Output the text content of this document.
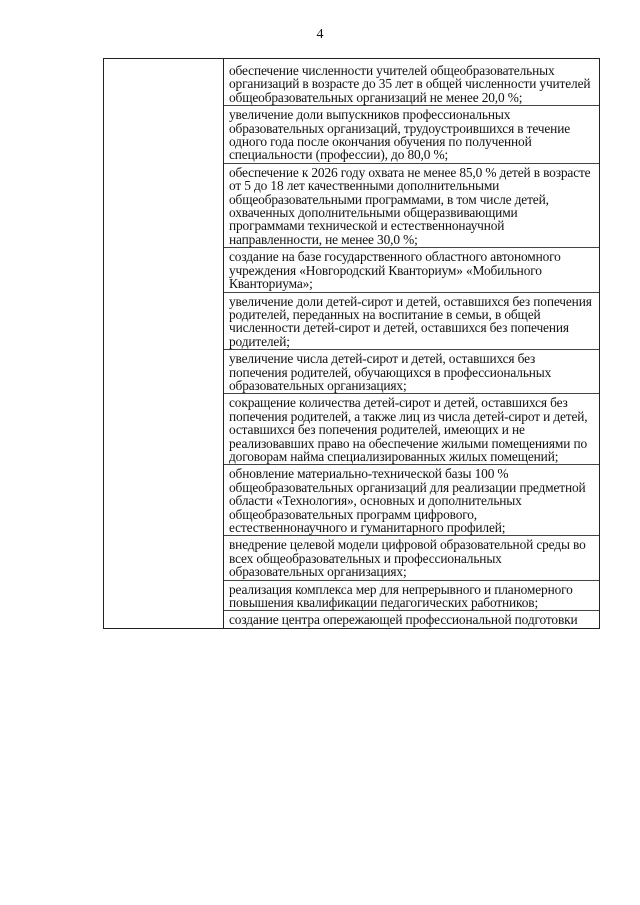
4
обеспечение численности учителей общеобразовательных организаций в возрасте до 35 лет в общей численности учителей общеобразовательных организаций не менее 20,0 %;
увеличение доли выпускников профессиональных образовательных организаций, трудоустроившихся в течение одного года после окончания обучения по полученной специальности (профессии), до 80,0 %;
обеспечение к 2026 году охвата не менее 85,0 % детей в возрасте от 5 до 18 лет качественными дополнительными общеобразовательными программами, в том числе детей, охваченных дополнительными общеразвивающими программами технической и естественнонаучной направленности, не менее 30,0 %;
создание на базе государственного областного автономного учреждения «Новгородский Кванториум» «Мобильного Кванториума»;
увеличение доли детей-сирот и детей, оставшихся без попечения родителей, переданных на воспитание в семьи, в общей численности детей-сирот и детей, оставшихся без попечения родителей;
увеличение числа детей-сирот и детей, оставшихся без попечения родителей, обучающихся в профессиональных образовательных организациях;
сокращение количества детей-сирот и детей, оставшихся без попечения родителей, а также лиц из числа детей-сирот и детей, оставшихся без попечения родителей, имеющих и не реализовавших право на обеспечение жилыми помещениями по договорам найма специализированных жилых помещений;
обновление материально-технической базы 100 % общеобразовательных организаций для реализации предметной области «Технология», основных и дополнительных общеобразовательных программ цифрового, естественнонаучного и гуманитарного профилей;
внедрение целевой модели цифровой образовательной среды во всех общеобразовательных и профессиональных образовательных организациях;
реализация комплекса мер для непрерывного и планомерного повышения квалификации педагогических работников;
создание центра опережающей профессиональной подготовки
